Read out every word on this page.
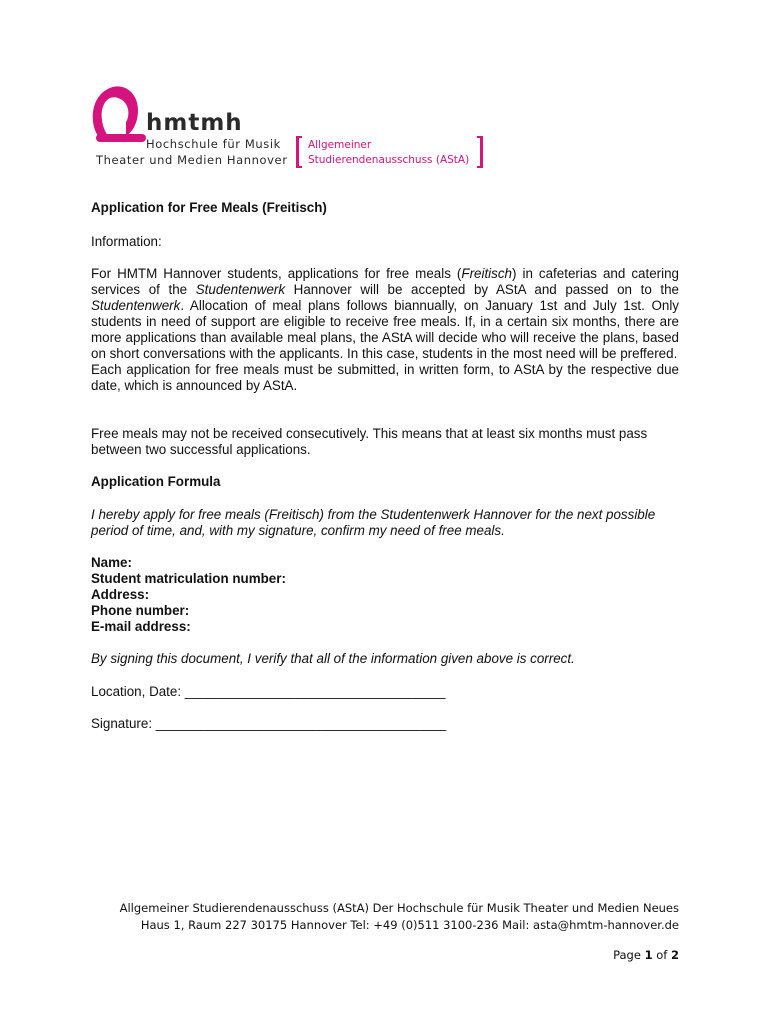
hmtmh
Hochschule für Musik
Theater und Medien Hannover
Allgemeiner
Studierendenausschuss (AStA)

Application for Free Meals (Freitisch)

Information:

For HMTM Hannover students, applications for free meals (Freitisch) in cafeterias and catering services of the Studentenwerk Hannover will be accepted by AStA and passed on to the Studentenwerk. Allocation of meal plans follows biannually, on January 1st and July 1st. Only students in need of support are eligible to receive free meals. If, in a certain six months, there are more applications than available meal plans, the AStA will decide who will receive the plans, based on short conversations with the applicants. In this case, students in the most need will be preffered.
Each application for free meals must be submitted, in written form, to AStA by the respective due date, which is announced by AStA.

Free meals may not be received consecutively. This means that at least six months must pass between two successful applications.

Application Formula

I hereby apply for free meals (Freitisch) from the Studentenwerk Hannover for the next possible period of time, and, with my signature, confirm my need of free meals.

Name:
Student matriculation number:
Address:
Phone number:
E-mail address:

By signing this document, I verify that all of the information given above is correct.

Location, Date: ___________________________________

Signature: _______________________________________

Allgemeiner Studierendenausschuss (AStA) Der Hochschule für Musik Theater und Medien Neues
Haus 1, Raum 227 30175 Hannover Tel: +49 (0)511 3100-236 Mail: asta@hmtm-hannover.de
Page 1 of 2
